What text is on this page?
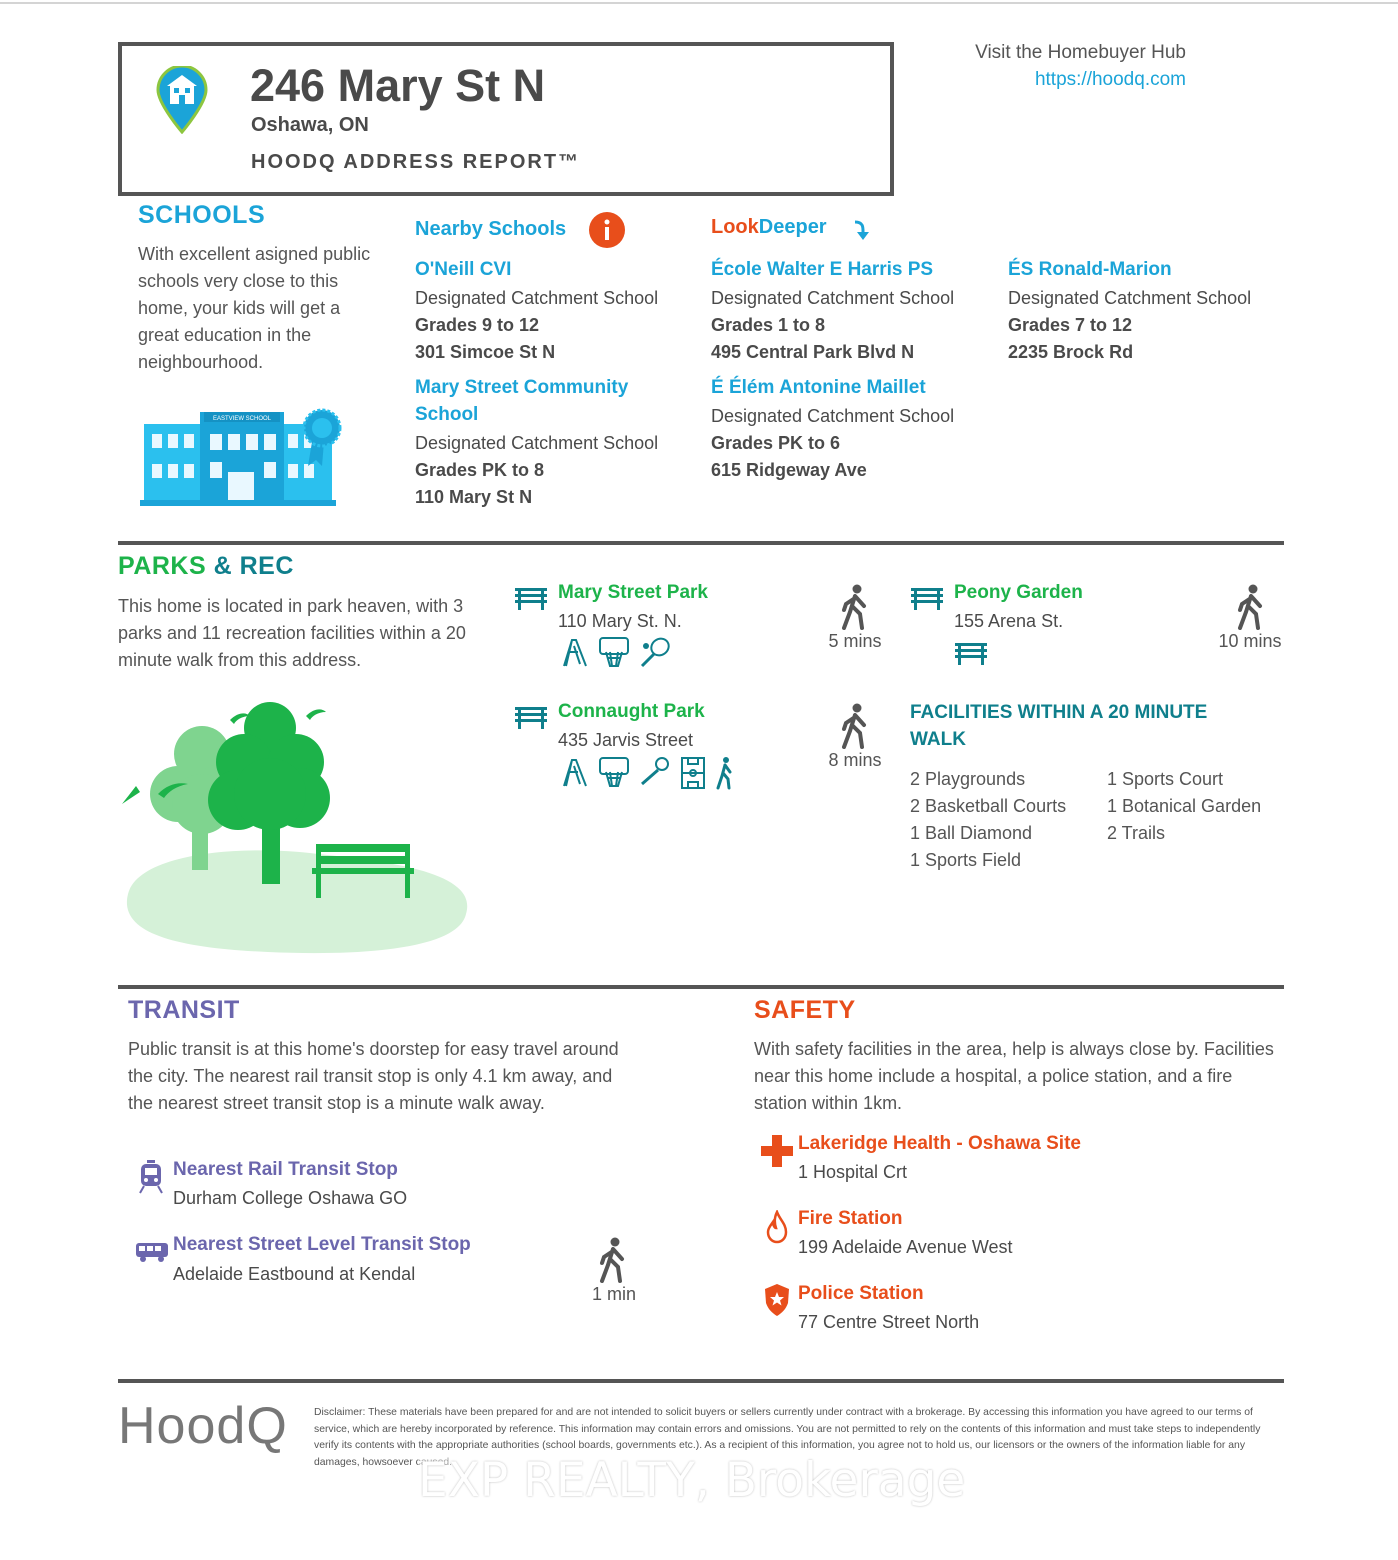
246 Mary St N
Oshawa, ON
HOODQ ADDRESS REPORT™
Visit the Homebuyer Hub
https://hoodq.com
SCHOOLS
With excellent asigned public schools very close to this home, your kids will get a great education in the neighbourhood.
EASTVIEW SCHOOL
Nearby Schools	LookDeeper
O'Neill CVI
Designated Catchment School
Grades 9 to 12
301 Simcoe St N
Mary Street Community School
Designated Catchment School
Grades PK to 8
110 Mary St N
École Walter E Harris PS
Designated Catchment School
Grades 1 to 8
495 Central Park Blvd N
É Élém Antonine Maillet
Designated Catchment School
Grades PK to 6
615 Ridgeway Ave
ÉS Ronald-Marion
Designated Catchment School
Grades 7 to 12
2235 Brock Rd
PARKS & REC
This home is located in park heaven, with 3 parks and 11 recreation facilities within a 20 minute walk from this address.
Mary Street Park
110 Mary St. N.
5 mins
Peony Garden
155 Arena St.
10 mins
Connaught Park
435 Jarvis Street
8 mins
FACILITIES WITHIN A 20 MINUTE WALK
2 Playgrounds
2 Basketball Courts
1 Ball Diamond
1 Sports Field
1 Sports Court
1 Botanical Garden
2 Trails
TRANSIT
Public transit is at this home's doorstep for easy travel around the city. The nearest rail transit stop is only 4.1 km away, and the nearest street transit stop is a minute walk away.
Nearest Rail Transit Stop
Durham College Oshawa GO
Nearest Street Level Transit Stop
Adelaide Eastbound at Kendal
1 min
SAFETY
With safety facilities in the area, help is always close by. Facilities near this home include a hospital, a police station, and a fire station within 1km.
Lakeridge Health - Oshawa Site
1 Hospital Crt
Fire Station
199 Adelaide Avenue West
Police Station
77 Centre Street North
HoodQ	Disclaimer: These materials have been prepared for and are not intended to solicit buyers or sellers currently under contract with a brokerage. By accessing this information you have agreed to our terms of service, which are hereby incorporated by reference. This information may contain errors and omissions. You are not permitted to rely on the contents of this information and must take steps to independently verify its contents with the appropriate authorities (school boards, governments etc.). As a recipient of this information, you agree not to hold us, our licensors or the owners of the information liable for any damages, howsoever caused.
EXP REALTY, Brokerage
